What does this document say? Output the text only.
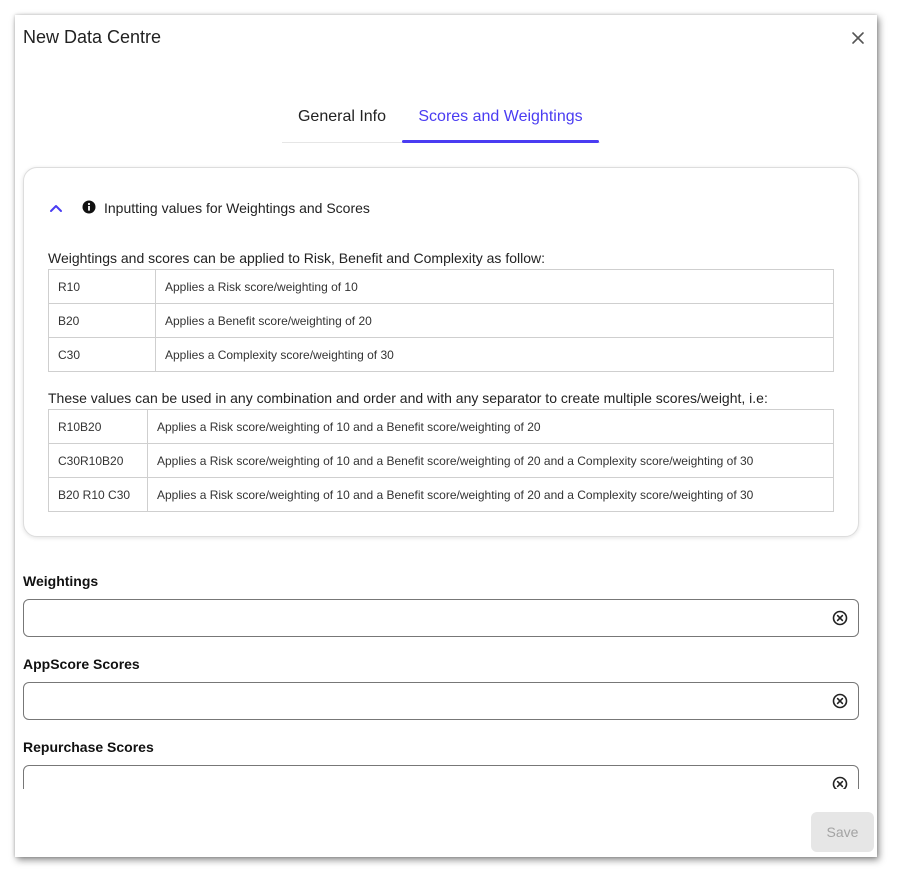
New Data Centre
General Info	Scores and Weightings
Inputting values for Weightings and Scores
Weightings and scores can be applied to Risk, Benefit and Complexity as follow:
R10	Applies a Risk score/weighting of 10
B20	Applies a Benefit score/weighting of 20
C30	Applies a Complexity score/weighting of 30
These values can be used in any combination and order and with any separator to create multiple scores/weight, i.e:
R10B20	Applies a Risk score/weighting of 10 and a Benefit score/weighting of 20
C30R10B20	Applies a Risk score/weighting of 10 and a Benefit score/weighting of 20 and a Complexity score/weighting of 30
B20 R10 C30	Applies a Risk score/weighting of 10 and a Benefit score/weighting of 20 and a Complexity score/weighting of 30
Weightings
AppScore Scores
Repurchase Scores
Save
